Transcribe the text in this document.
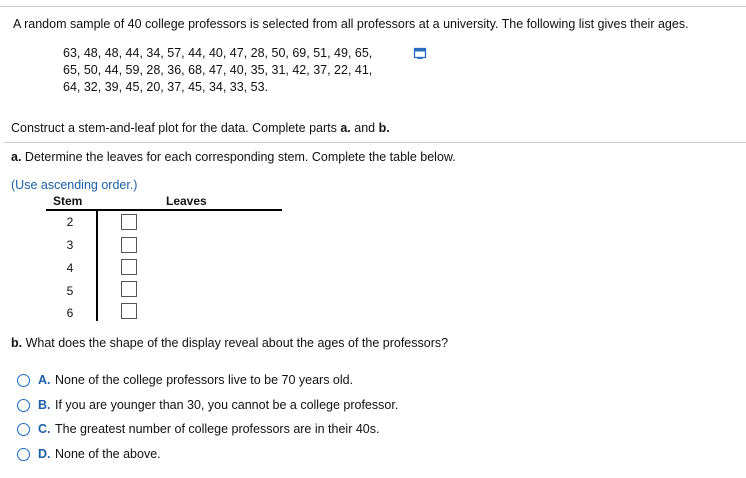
A random sample of 40 college professors is selected from all professors at a university. The following list gives their ages.
63, 48, 48, 44, 34, 57, 44, 40, 47, 28, 50, 69, 51, 49, 65,
65, 50, 44, 59, 28, 36, 68, 47, 40, 35, 31, 42, 37, 22, 41,
64, 32, 39, 45, 20, 37, 45, 34, 33, 53.
Construct a stem-and-leaf plot for the data. Complete parts a. and b.
a. Determine the leaves for each corresponding stem. Complete the table below.
(Use ascending order.)
Stem	Leaves
2
3
4
5
6
b. What does the shape of the display reveal about the ages of the professors?
A. None of the college professors live to be 70 years old.
B. If you are younger than 30, you cannot be a college professor.
C. The greatest number of college professors are in their 40s.
D. None of the above.
